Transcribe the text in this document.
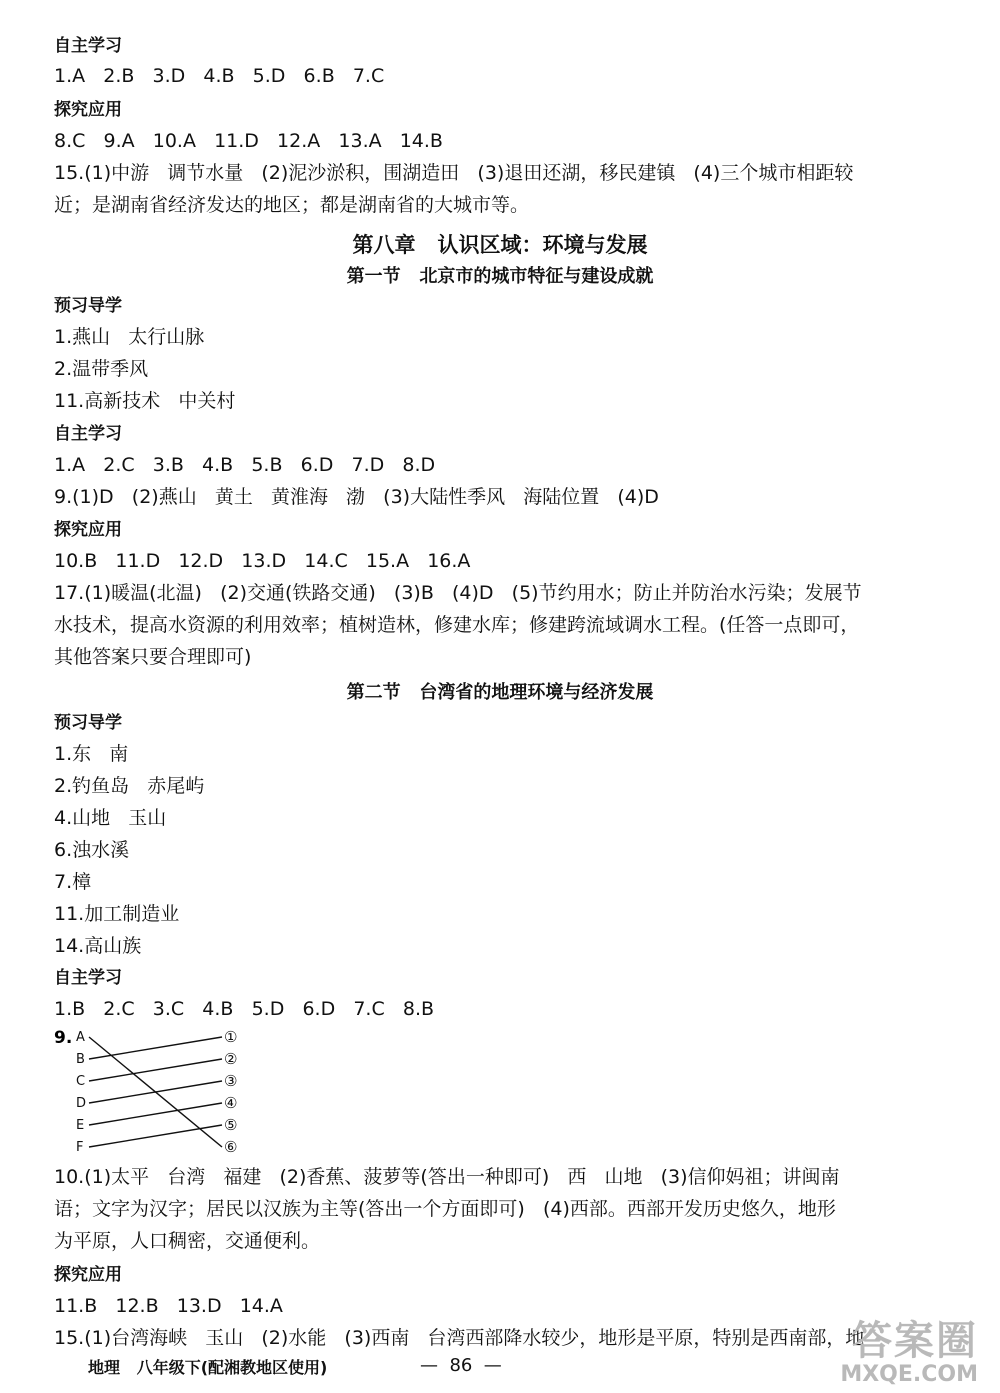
自主学习
1.A   2.B   3.D   4.B   5.D   6.B   7.C
探究应用
8.C   9.A   10.A   11.D   12.A   13.A   14.B
15.(1)中游   调节水量   (2)泥沙淤积，围湖造田   (3)退田还湖，移民建镇   (4)三个城市相距较
近；是湖南省经济发达的地区；都是湖南省的大城市等。
第八章   认识区域：环境与发展
第一节   北京市的城市特征与建设成就
预习导学
1.燕山   太行山脉
2.温带季风
11.高新技术   中关村
自主学习
1.A   2.C   3.B   4.B   5.B   6.D   7.D   8.D
9.(1)D   (2)燕山   黄土   黄淮海   渤   (3)大陆性季风   海陆位置   (4)D
探究应用
10.B   11.D   12.D   13.D   14.C   15.A   16.A
17.(1)暖温(北温)   (2)交通(铁路交通)   (3)B   (4)D   (5)节约用水；防止并防治水污染；发展节
水技术，提高水资源的利用效率；植树造林，修建水库；修建跨流域调水工程。(任答一点即可，
其他答案只要合理即可)
第二节   台湾省的地理环境与经济发展
预习导学
1.东   南
2.钓鱼岛   赤尾屿
4.山地   玉山
6.浊水溪
7.樟
11.加工制造业
14.高山族
自主学习
1.B   2.C   3.C   4.B   5.D   6.D   7.C   8.B
9. A
B
C
D
E
F
①
②
③
④
⑤
⑥
10.(1)太平   台湾   福建   (2)香蕉、菠萝等(答出一种即可)   西   山地   (3)信仰妈祖；讲闽南
语；文字为汉字；居民以汉族为主等(答出一个方面即可)   (4)西部。西部开发历史悠久，地形
为平原，人口稠密，交通便利。
探究应用
11.B   12.B   13.D   14.A
15.(1)台湾海峡   玉山   (2)水能   (3)西南   台湾西部降水较少，地形是平原，特别是西南部，地
地理   八年级下(配湘教地区使用)	—  86  —
答案圈
MXQE.COM
